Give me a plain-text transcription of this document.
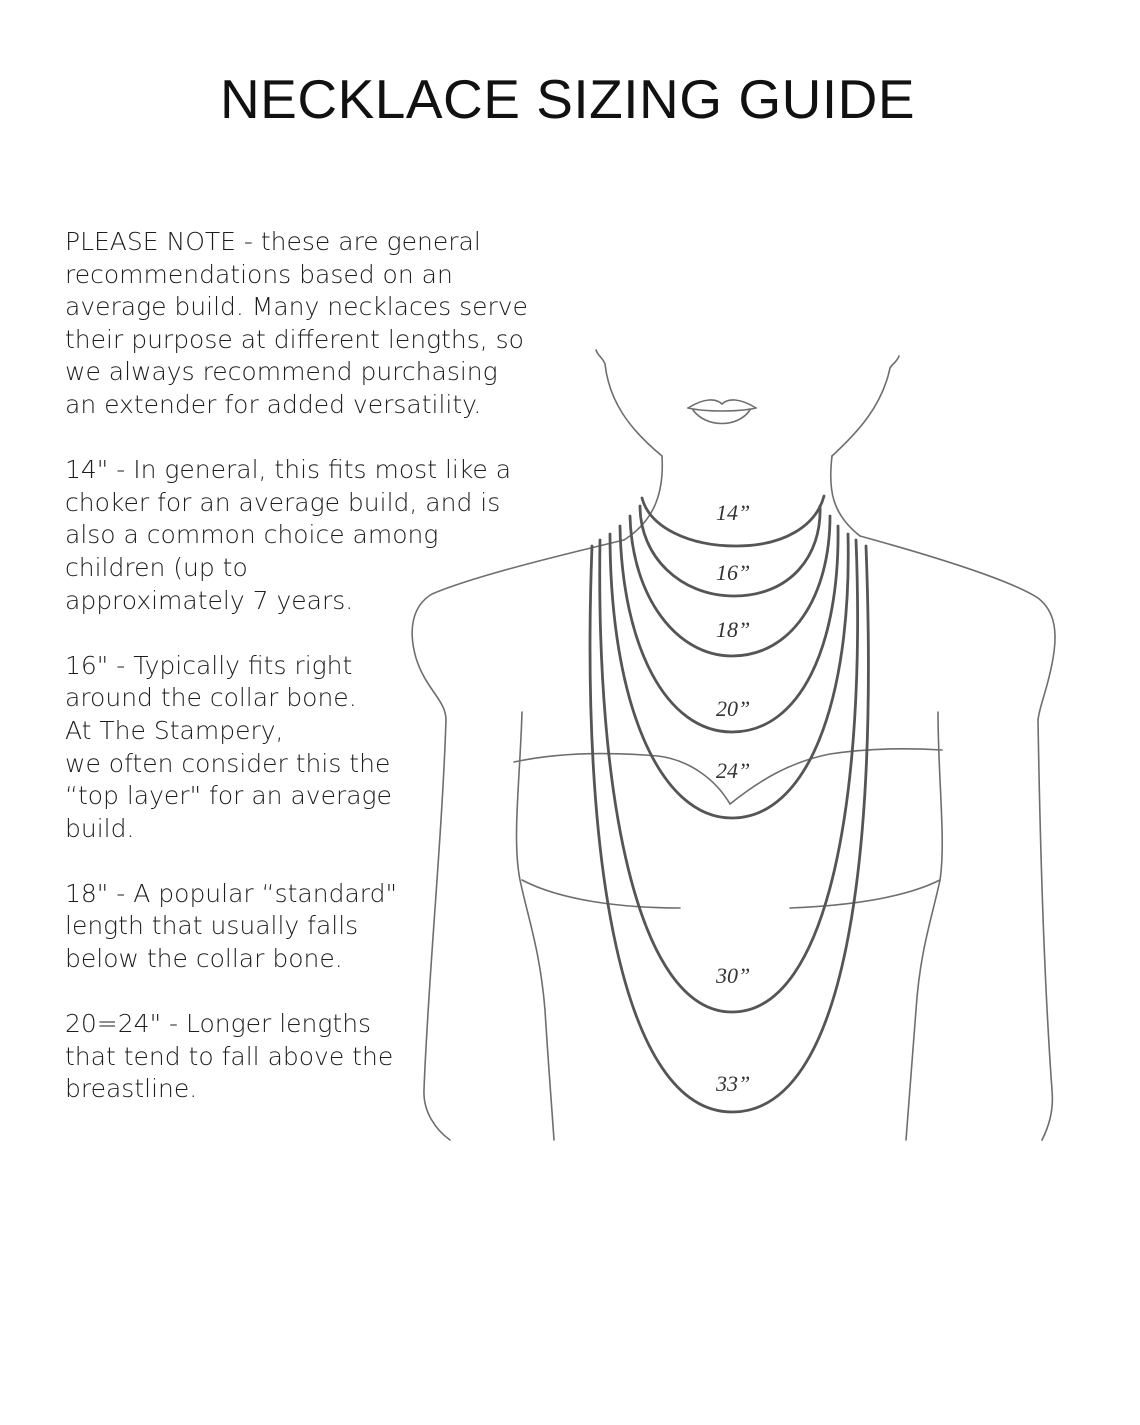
NECKLACE SIZING GUIDE

PLEASE NOTE - these are general
recommendations based on an
average build. Many necklaces serve
their purpose at different lengths, so
we always recommend purchasing
an extender for added versatility.

14" - In general, this fits most like a
choker for an average build, and is
also a common choice among
children (up to
approximately 7 years.

16" - Typically fits right
around the collar bone.
At The Stampery,
we often consider this the
“top layer" for an average
build.

18" - A popular “standard"
length that usually falls
below the collar bone.

20=24" - Longer lengths
that tend to fall above the
breastline.

14”
16”
18”
20”
24”
30”
33”
